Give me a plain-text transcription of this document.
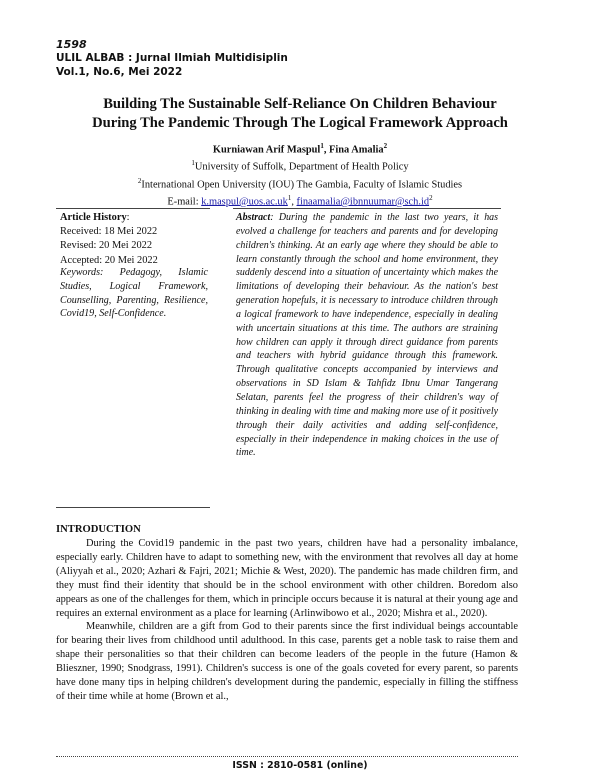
1598
ULIL ALBAB : Jurnal Ilmiah Multidisiplin
Vol.1, No.6, Mei 2022
Building The Sustainable Self-Reliance On Children Behaviour
During The Pandemic Through The Logical Framework Approach
Kurniawan Arif Maspul$^1$, Fina Amalia$^2$
$^1$University of Suffolk, Department of Health Policy
$^2$International Open University (IOU) The Gambia, Faculty of Islamic Studies
E-mail: $k.maspul@uos.ac.uk^1$, $finaamalia@ibnnuumar@sch.id^2$
Article History:
Received: 18 Mei 2022
Revised: 20 Mei 2022
Accepted: 20 Mei 2022
Keywords: Pedagogy, Islamic Studies, Logical Framework, Counselling, Parenting, Resilience, Covid19, Self-Confidence.
Abstract: During the pandemic in the last two years, it has evolved a challenge for teachers and parents and for developing children's thinking. At an early age where they should be able to learn constantly through the school and home environment, they suddenly descend into a situation of uncertainty which makes the limitations of developing their behaviour. As the nation's best generation hopefuls, it is necessary to introduce children through a logical framework to have independence, especially in dealing with uncertain situations at this time. The authors are straining how children can apply it through direct guidance from parents and teachers with hybrid guidance through this framework. Through qualitative concepts accompanied by interviews and observations in SD Islam & Tahfidz Ibnu Umar Tangerang Selatan, parents feel the progress of their children's way of thinking in dealing with time and making more use of it positively through their daily activities and adding self-confidence, especially in their independence in making choices in the use of time.
INTRODUCTION

During the Covid19 pandemic in the past two years, children have had a personality imbalance, especially early. Children have to adapt to something new, with the environment that revolves all day at home (Aliyyah et al., 2020; Azhari & Fajri, 2021; Michie & West, 2020). The pandemic has made children firm, and they must find their identity that should be in the school environment with other children. Boredom also appears as one of the challenges for them, which in principle occurs because it is natural at their young age and requires an external environment as a place for learning (Arlinwibowo et al., 2020; Mishra et al., 2020).

Meanwhile, children are a gift from God to their parents since the first individual beings accountable for bearing their lives from childhood until adulthood. In this case, parents get a noble task to raise them and shape their personalities so that their children can become leaders of the people in the future (Hamon & Blieszner, 1990; Snodgrass, 1991). Children's success is one of the goals coveted for every parent, so parents have done many tips in helping children's development during the pandemic, especially in filling the stiffness of their time while at home (Brown et al.,

ISSN : 2810-0581 (online)
